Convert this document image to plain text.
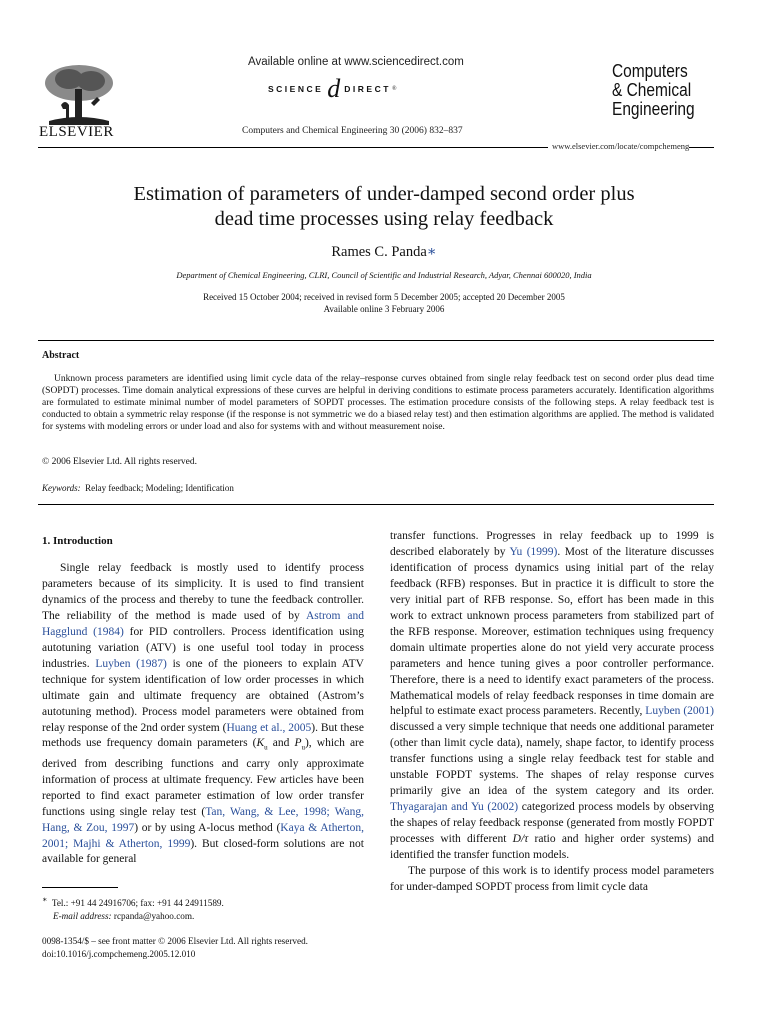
Available online at www.sciencedirect.com
SCIENCE d DIRECT ®
Computers and Chemical Engineering 30 (2006) 832–837
ELSEVIER
Computers
& Chemical
Engineering
www.elsevier.com/locate/compchemeng
Estimation of parameters of under-damped second order plus
dead time processes using relay feedback
Rames C. Panda∗
Department of Chemical Engineering, CLRI, Council of Scientific and Industrial Research, Adyar, Chennai 600020, India
Received 15 October 2004; received in revised form 5 December 2005; accepted 20 December 2005
Available online 3 February 2006
Abstract

Unknown process parameters are identified using limit cycle data of the relay–response curves obtained from single relay feedback test on second order plus dead time (SOPDT) processes. Time domain analytical expressions of these curves are helpful in deriving conditions to estimate process parameters accurately. Identification algorithms are formulated to estimate minimal number of model parameters of SOPDT processes. The estimation procedure consists of the following steps. A relay feedback test is conducted to obtain a symmetric relay response (if the response is not symmetric we do a biased relay test) and then estimation algorithms are applied. The method is validated for systems with modeling errors or under load and also for systems with and without measurement noise.

© 2006 Elsevier Ltd. All rights reserved.
Keywords: Relay feedback; Modeling; Identification
1. Introduction

Single relay feedback is mostly used to identify process parameters because of its simplicity. It is used to find transient dynamics of the process and thereby to tune the feedback controller. The reliability of the method is made used of by Astrom and Hagglund (1984) for PID controllers. Process identification using autotuning variation (ATV) is one useful tool today in process industries. Luyben (1987) is one of the pioneers to explain ATV technique for system identification of low order processes in which ultimate gain and ultimate frequency are obtained (Astrom’s autotuning method). Process model parameters were obtained from relay response of the 2nd order system (Huang et al., 2005). But these methods use frequency domain parameters ($K_u$ and $P_u$), which are derived from describing functions and carry only approximate information of process at ultimate frequency. Few articles have been reported to find exact parameter estimation of low order transfer functions using single relay test (Tan, Wang, & Lee, 1998; Wang, Hang, & Zou, 1997) or by using A-locus method (Kaya & Atherton, 2001; Majhi & Atherton, 1999). But closed-form solutions are not available for general

transfer functions. Progresses in relay feedback up to 1999 is described elaborately by Yu (1999). Most of the literature discusses identification of process dynamics using initial part of the relay feedback (RFB) responses. But in practice it is difficult to store the very initial part of RFB response. So, effort has been made in this work to extract unknown process parameters from stabilized part of the RFB response. Moreover, estimation techniques using frequency domain ultimate properties alone do not yield very accurate process parameters and hence tuning gives a poor controller performance. Therefore, there is a need to identify exact parameters of the process. Mathematical models of relay feedback responses in time domain are helpful to estimate exact process parameters. Recently, Luyben (2001) discussed a very simple technique that needs one additional parameter (other than limit cycle data), namely, shape factor, to identify process transfer functions using a single relay feedback test for stable and unstable FOPDT systems. The shapes of relay response curves primarily give an idea of the system category and its order. Thyagarajan and Yu (2002) categorized process models by observing the shapes of relay feedback response (generated from mostly FOPDT processes with different D/τ ratio and higher order systems) and identified the transfer function models.

The purpose of this work is to identify process model parameters for under-damped SOPDT process from limit cycle data

∗ Tel.: +91 44 24916706; fax: +91 44 24911589.
E-mail address: rcpanda@yahoo.com.
0098-1354/$ – see front matter © 2006 Elsevier Ltd. All rights reserved.
doi:10.1016/j.compchemeng.2005.12.010
